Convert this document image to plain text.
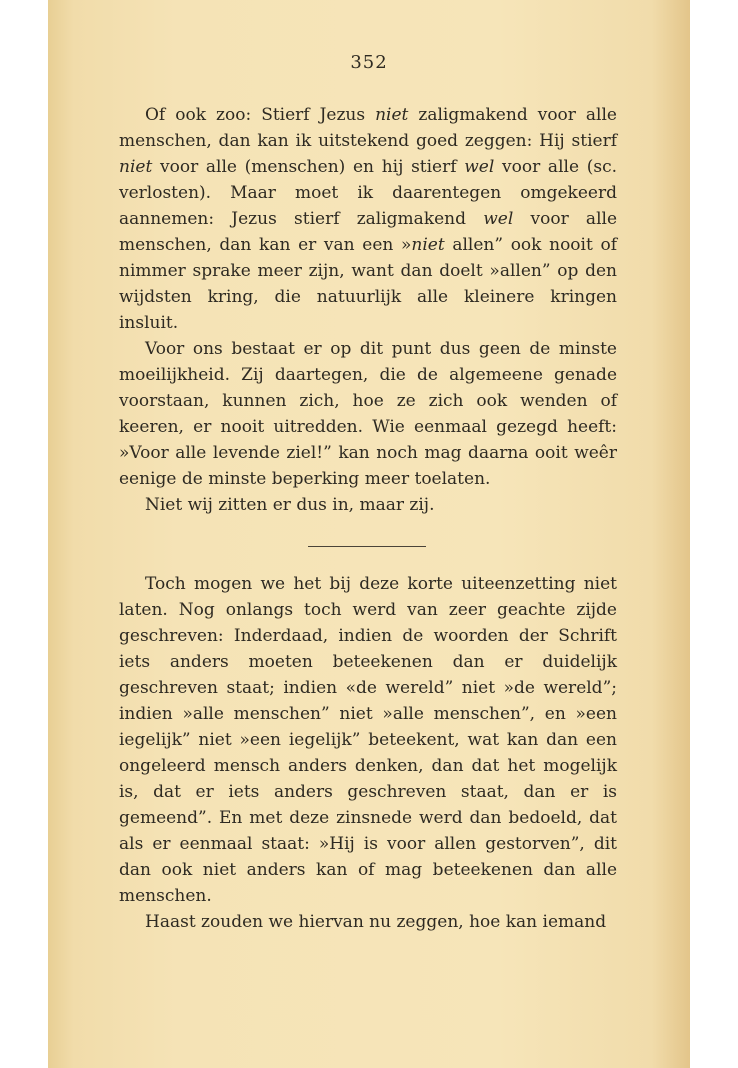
352

Of ook zoo: Stierf Jezus niet zaligmakend voor alle menschen, dan kan ik uitstekend goed zeggen: Hij stierf niet voor alle (menschen) en hij stierf wel voor alle (sc. verlosten). Maar moet ik daarentegen omgekeerd aannemen: Jezus stierf zaligmakend wel voor alle menschen, dan kan er van een »niet allen” ook nooit of nimmer sprake meer zijn, want dan doelt »allen” op den wijdsten kring, die natuurlijk alle kleinere kringen insluit.

Voor ons bestaat er op dit punt dus geen de minste moeilijkheid. Zij daartegen, die de algemeene genade voorstaan, kunnen zich, hoe ze zich ook wenden of keeren, er nooit uitredden. Wie eenmaal gezegd heeft: »Voor alle levende ziel!” kan noch mag daarna ooit weêr eenige de minste beperking meer toelaten.

Niet wij zitten er dus in, maar zij.

Toch mogen we het bij deze korte uiteenzetting niet laten. Nog onlangs toch werd van zeer geachte zijde geschreven: Inderdaad, indien de woorden der Schrift iets anders moeten beteekenen dan er duidelijk geschreven staat; indien «de wereld” niet »de wereld”; indien »alle menschen” niet »alle menschen”, en »een iegelijk” niet »een iegelijk” beteekent, wat kan dan een ongeleerd mensch anders denken, dan dat het mogelijk is, dat er iets anders geschreven staat, dan er is gemeend”. En met deze zinsnede werd dan bedoeld, dat als er eenmaal staat: »Hij is voor allen gestorven”, dit dan ook niet anders kan of mag beteekenen dan alle menschen.

Haast zouden we hiervan nu zeggen, hoe kan iemand
